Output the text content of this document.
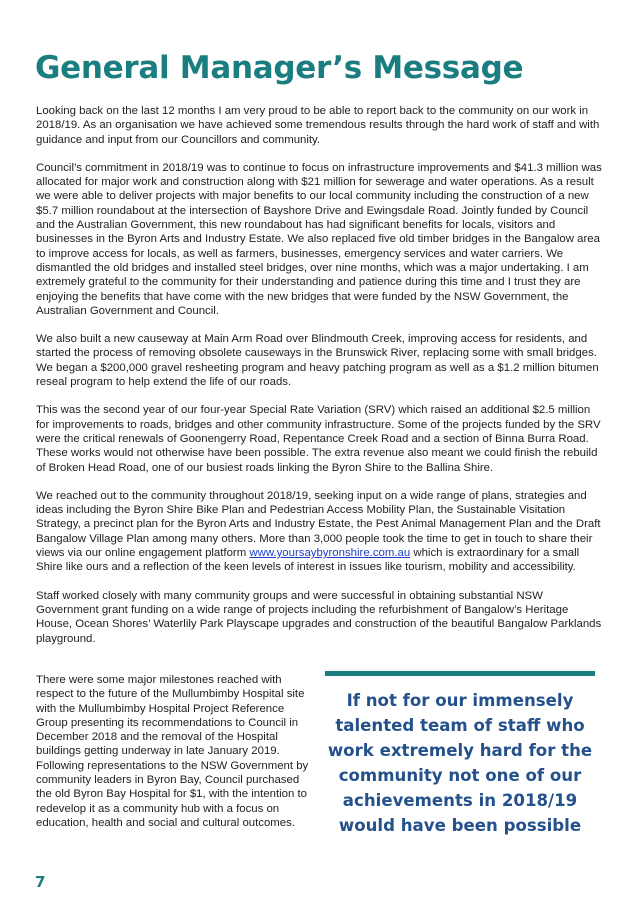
General Manager’s Message

Looking back on the last 12 months I am very proud to be able to report back to the community on our work in 2018/19. As an organisation we have achieved some tremendous results through the hard work of staff and with guidance and input from our Councillors and community.

Council’s commitment in 2018/19 was to continue to focus on infrastructure improvements and $41.3 million was allocated for major work and construction along with $21 million for sewerage and water operations. As a result we were able to deliver projects with major benefits to our local community including the construction of a new $5.7 million roundabout at the intersection of Bayshore Drive and Ewingsdale Road. Jointly funded by Council and the Australian Government, this new roundabout has had significant benefits for locals, visitors and businesses in the Byron Arts and Industry Estate. We also replaced five old timber bridges in the Bangalow area to improve access for locals, as well as farmers, businesses, emergency services and water carriers. We dismantled the old bridges and installed steel bridges, over nine months, which was a major undertaking. I am extremely grateful to the community for their understanding and patience during this time and I trust they are enjoying the benefits that have come with the new bridges that were funded by the NSW Government, the Australian Government and Council.

We also built a new causeway at Main Arm Road over Blindmouth Creek, improving access for residents, and started the process of removing obsolete causeways in the Brunswick River, replacing some with small bridges. We began a $200,000 gravel resheeting program and heavy patching program as well as a $1.2 million bitumen reseal program to help extend the life of our roads.

This was the second year of our four-year Special Rate Variation (SRV) which raised an additional $2.5 million for improvements to roads, bridges and other community infrastructure. Some of the projects funded by the SRV were the critical renewals of Goonengerry Road, Repentance Creek Road and a section of Binna Burra Road. These works would not otherwise have been possible. The extra revenue also meant we could finish the rebuild of Broken Head Road, one of our busiest roads linking the Byron Shire to the Ballina Shire.

We reached out to the community throughout 2018/19, seeking input on a wide range of plans, strategies and ideas including the Byron Shire Bike Plan and Pedestrian Access Mobility Plan, the Sustainable Visitation Strategy, a precinct plan for the Byron Arts and Industry Estate, the Pest Animal Management Plan and the Draft Bangalow Village Plan among many others. More than 3,000 people took the time to get in touch to share their views via our online engagement platform www.yoursaybyronshire.com.au which is extraordinary for a small Shire like ours and a reflection of the keen levels of interest in issues like tourism, mobility and accessibility.

Staff worked closely with many community groups and were successful in obtaining substantial NSW Government grant funding on a wide range of projects including the refurbishment of Bangalow’s Heritage House, Ocean Shores’ Waterlily Park Playscape upgrades and construction of the beautiful Bangalow Parklands playground.

There were some major milestones reached with respect to the future of the Mullumbimby Hospital site with the Mullumbimby Hospital Project Reference Group presenting its recommendations to Council in December 2018 and the removal of the Hospital buildings getting underway in late January 2019. Following representations to the NSW Government by community leaders in Byron Bay, Council purchased the old Byron Bay Hospital for $1, with the intention to redevelop it as a community hub with a focus on education, health and social and cultural outcomes.

If not for our immensely talented team of staff who work extremely hard for the community not one of our achievements in 2018/19 would have been possible
7
